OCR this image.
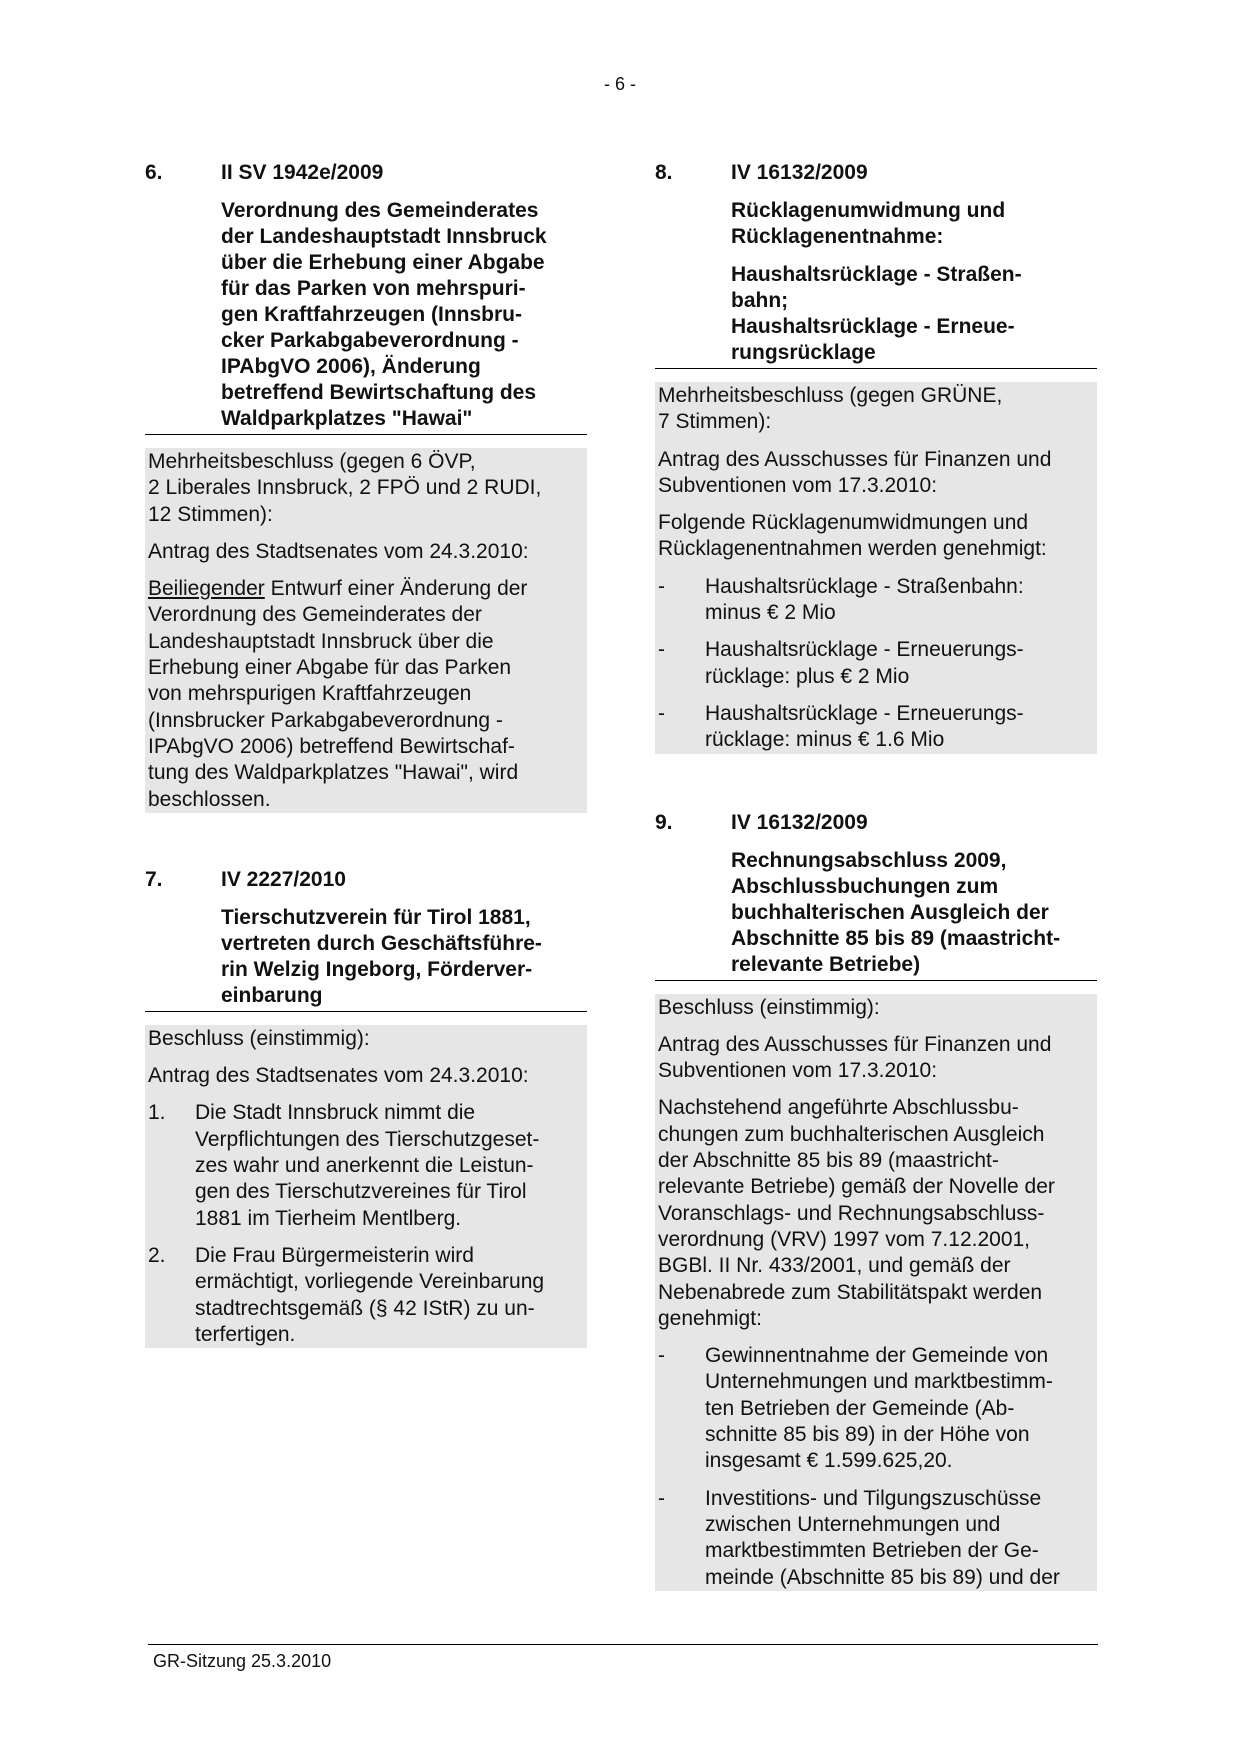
- 6 -
6.	II SV 1942e/2009
Verordnung des Gemeinderates
der Landeshauptstadt Innsbruck
über die Erhebung einer Abgabe
für das Parken von mehrspuri-
gen Kraftfahrzeugen (Innsbru-
cker Parkabgabeverordnung -
IPAbgVO 2006), Änderung
betreffend Bewirtschaftung des
Waldparkplatzes "Hawai"

Mehrheitsbeschluss (gegen 6 ÖVP,
2 Liberales Innsbruck, 2 FPÖ und 2 RUDI,
12 Stimmen):

Antrag des Stadtsenates vom 24.3.2010:

Beiliegender Entwurf einer Änderung der
Verordnung des Gemeinderates der
Landeshauptstadt Innsbruck über die
Erhebung einer Abgabe für das Parken
von mehrspurigen Kraftfahrzeugen
(Innsbrucker Parkabgabeverordnung -
IPAbgVO 2006) betreffend Bewirtschaf-
tung des Waldparkplatzes "Hawai", wird
beschlossen.

7.	IV 2227/2010
Tierschutzverein für Tirol 1881,
vertreten durch Geschäftsführe-
rin Welzig Ingeborg, Förderver-
einbarung

Beschluss (einstimmig):

Antrag des Stadtsenates vom 24.3.2010:

1.	Die Stadt Innsbruck nimmt die
Verpflichtungen des Tierschutzgeset-
zes wahr und anerkennt die Leistun-
gen des Tierschutzvereines für Tirol
1881 im Tierheim Mentlberg.
2.	Die Frau Bürgermeisterin wird
ermächtigt, vorliegende Vereinbarung
stadtrechtsgemäß (§ 42 IStR) zu un-
terfertigen.
8.	IV 16132/2009
Rücklagenumwidmung und
Rücklagenentnahme:
Haushaltsrücklage - Straßen-
bahn;
Haushaltsrücklage - Erneue-
rungsrücklage

Mehrheitsbeschluss (gegen GRÜNE,
7 Stimmen):

Antrag des Ausschusses für Finanzen und
Subventionen vom 17.3.2010:

Folgende Rücklagenumwidmungen und
Rücklagenentnahmen werden genehmigt:

-	Haushaltsrücklage - Straßenbahn:
minus € 2 Mio
-	Haushaltsrücklage - Erneuerungs-
rücklage: plus € 2 Mio
-	Haushaltsrücklage - Erneuerungs-
rücklage: minus € 1.6 Mio
9.	IV 16132/2009
Rechnungsabschluss 2009,
Abschlussbuchungen zum
buchhalterischen Ausgleich der
Abschnitte 85 bis 89 (maastricht-
relevante Betriebe)

Beschluss (einstimmig):

Antrag des Ausschusses für Finanzen und
Subventionen vom 17.3.2010:

Nachstehend angeführte Abschlussbu-
chungen zum buchhalterischen Ausgleich
der Abschnitte 85 bis 89 (maastricht-
relevante Betriebe) gemäß der Novelle der
Voranschlags- und Rechnungsabschluss-
verordnung (VRV) 1997 vom 7.12.2001,
BGBl. II Nr. 433/2001, und gemäß der
Nebenabrede zum Stabilitätspakt werden
genehmigt:

-	Gewinnentnahme der Gemeinde von
Unternehmungen und marktbestimm-
ten Betrieben der Gemeinde (Ab-
schnitte 85 bis 89) in der Höhe von
insgesamt € 1.599.625,20.
-	Investitions- und Tilgungszuschüsse
zwischen Unternehmungen und
marktbestimmten Betrieben der Ge-
meinde (Abschnitte 85 bis 89) und der
GR-Sitzung 25.3.2010
